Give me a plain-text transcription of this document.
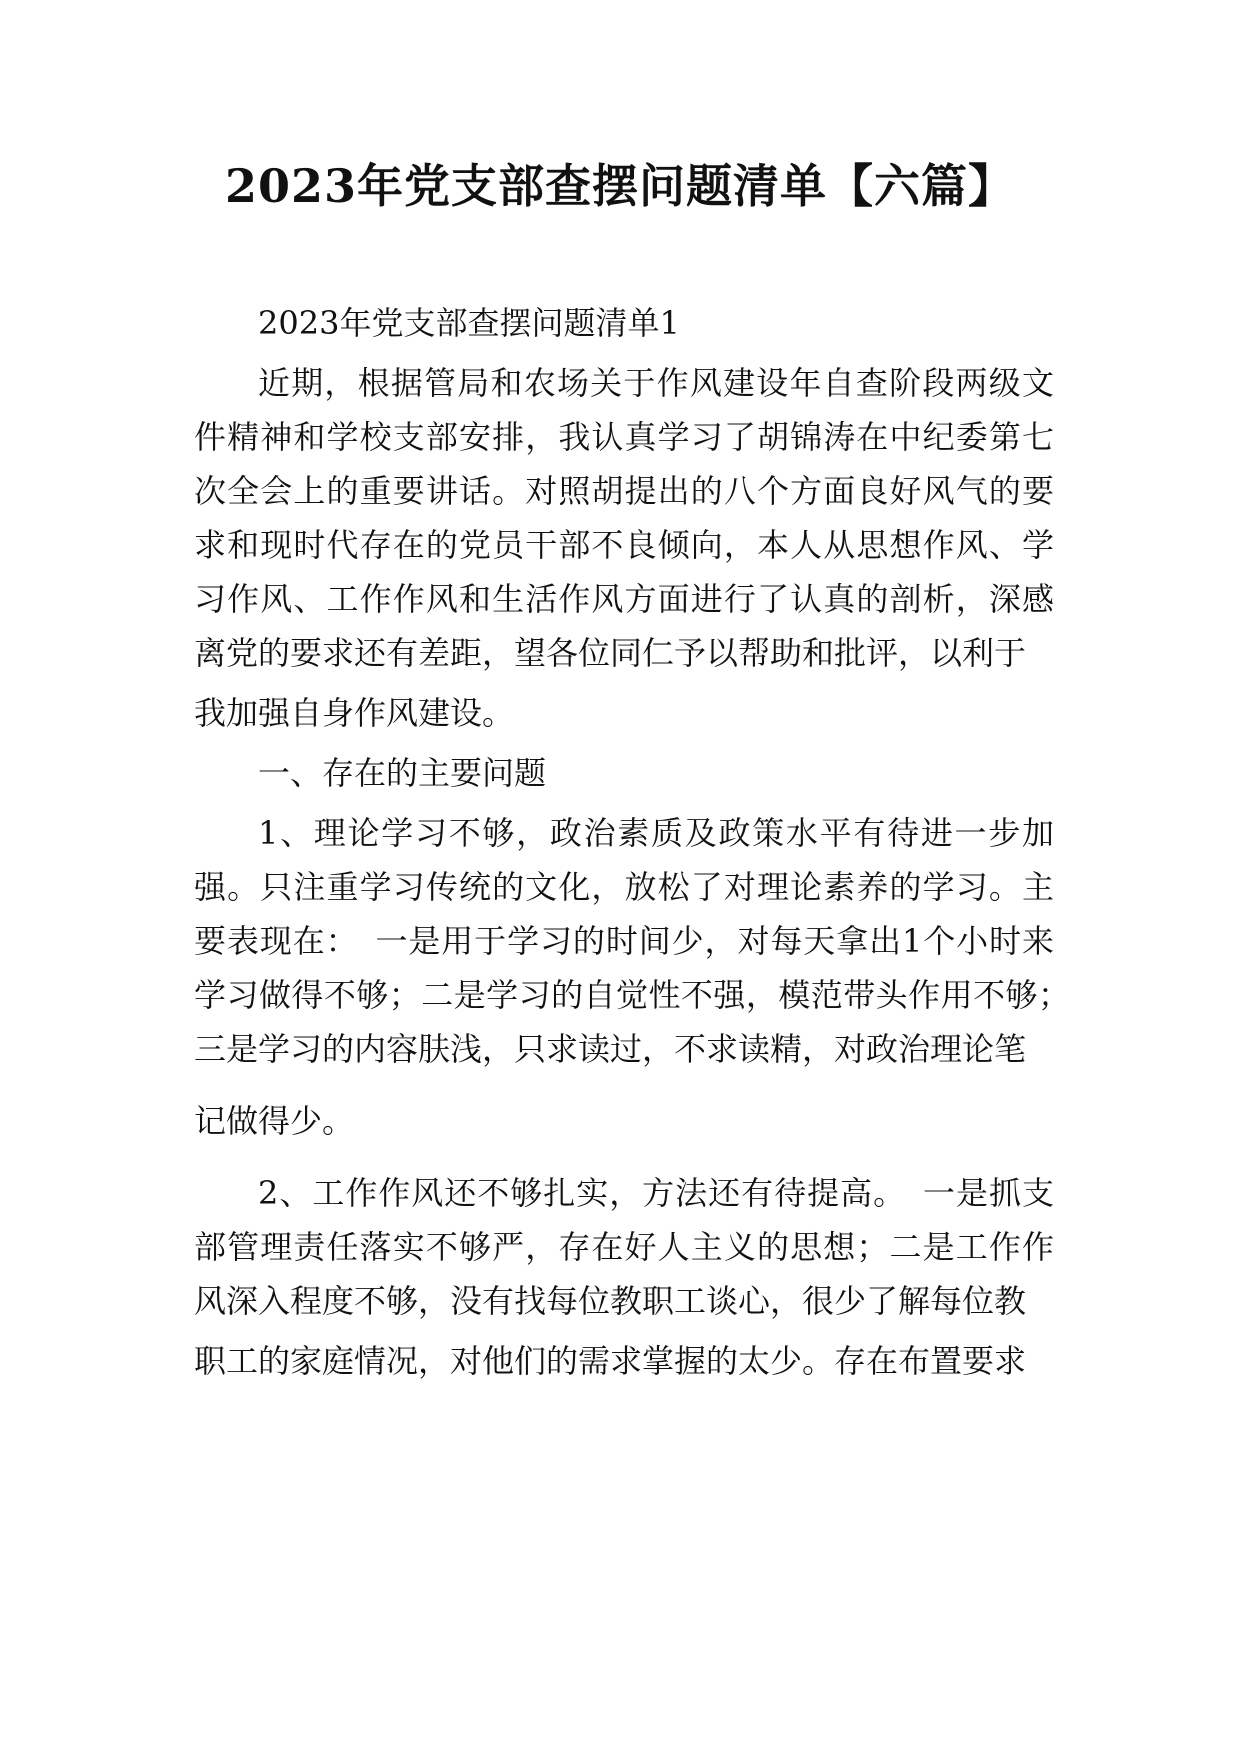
2023年党支部查摆问题清单【六篇】

2023年党支部查摆问题清单1

近期，根据管局和农场关于作风建设年自查阶段两级文件精神和学校支部安排，我认真学习了胡锦涛在中纪委第七次全会上的重要讲话。对照胡提出的八个方面良好风气的要求和现时代存在的党员干部不良倾向，本人从思想作风、学习作风、工作作风和生活作风方面进行了认真的剖析，深感离党的要求还有差距，望各位同仁予以帮助和批评，以利于

我加强自身作风建设。

一、存在的主要问题

1、理论学习不够，政治素质及政策水平有待进一步加强。只注重学习传统的文化，放松了对理论素养的学习。主要表现在：　一是用于学习的时间少，对每天拿出1个小时来 学习做得不够；二是学习的自觉性不强，模范带头作用不够；　三是学习的内容肤浅，只求读过，不求读精，对政治理论笔

记做得少。

2、工作作风还不够扎实，方法还有待提高。　一是抓支部管理责任落实不够严，存在好人主义的思想；二是工作作风深入程度不够，没有找每位教职工谈心，很少了解每位教

职工的家庭情况，对他们的需求掌握的太少。存在布置要求
